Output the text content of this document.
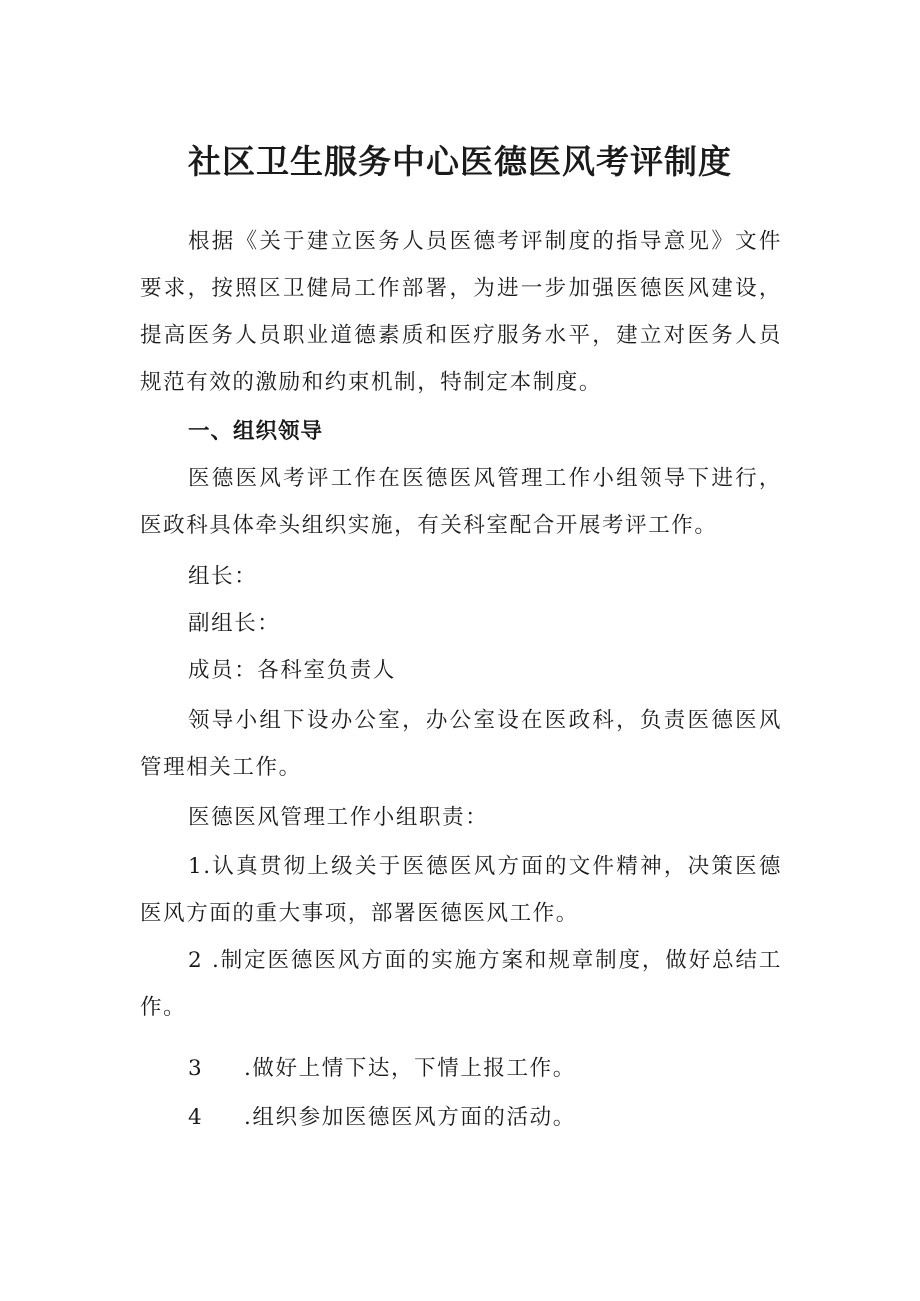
社区卫生服务中心医德医风考评制度

根据《关于建立医务人员医德考评制度的指导意见》文件要求，按照区卫健局工作部署，为进一步加强医德医风建设，提高医务人员职业道德素质和医疗服务水平，建立对医务人员规范有效的激励和约束机制，特制定本制度。

一、组织领导

医德医风考评工作在医德医风管理工作小组领导下进行，医政科具体牵头组织实施，有关科室配合开展考评工作。

组长：
副组长：
成员：各科室负责人

领导小组下设办公室，办公室设在医政科，负责医德医风管理相关工作。

医德医风管理工作小组职责：

1.认真贯彻上级关于医德医风方面的文件精神，决策医德医风方面的重大事项，部署医德医风工作。

2 .制定医德医风方面的实施方案和规章制度，做好总结工作。

3 .做好上情下达，下情上报工作。
4 .组织参加医德医风方面的活动。
